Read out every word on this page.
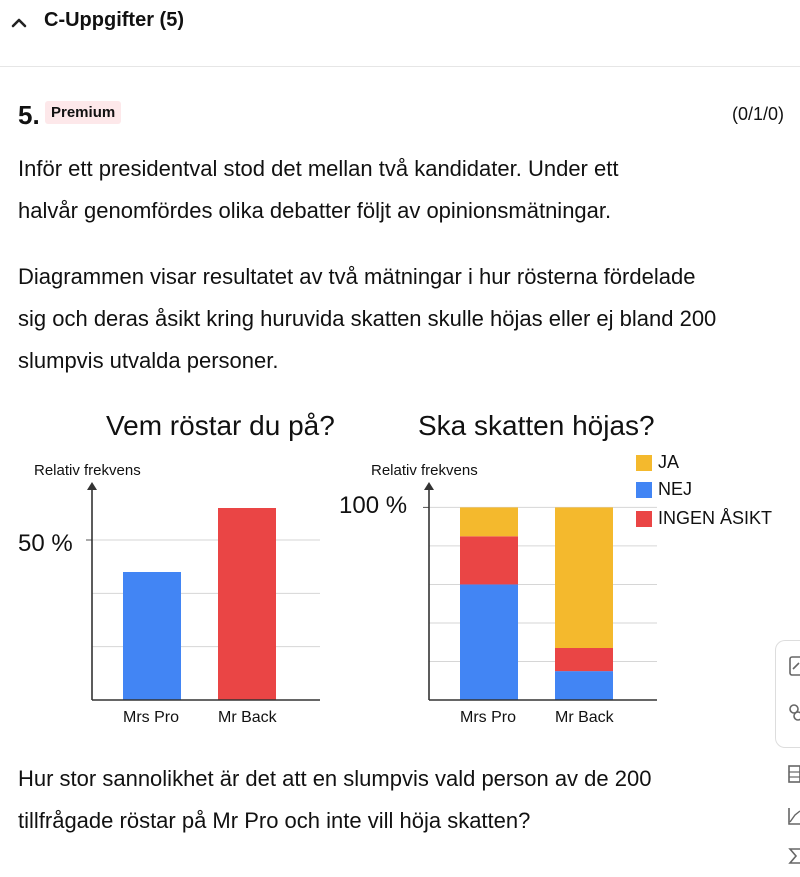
C-Uppgifter (5)
5. Premium	(0/1/0)
Inför ett presidentval stod det mellan två kandidater. Under ett
halvår genomfördes olika debatter följt av opinionsmätningar.
Diagrammen visar resultatet av två mätningar i hur rösterna fördelade
sig och deras åsikt kring huruvida skatten skulle höjas eller ej bland 200
slumpvis utvalda personer.
Vem röstar du på?
Relativ frekvens
50 %
Mrs Pro Mr Back
Ska skatten höjas?
Relativ frekvens
100 %
Mrs Pro Mr Back
JA
NEJ
INGEN ÅSIKT
Hur stor sannolikhet är det att en slumpvis vald person av de 200
tillfrågade röstar på Mr Pro och inte vill höja skatten?
